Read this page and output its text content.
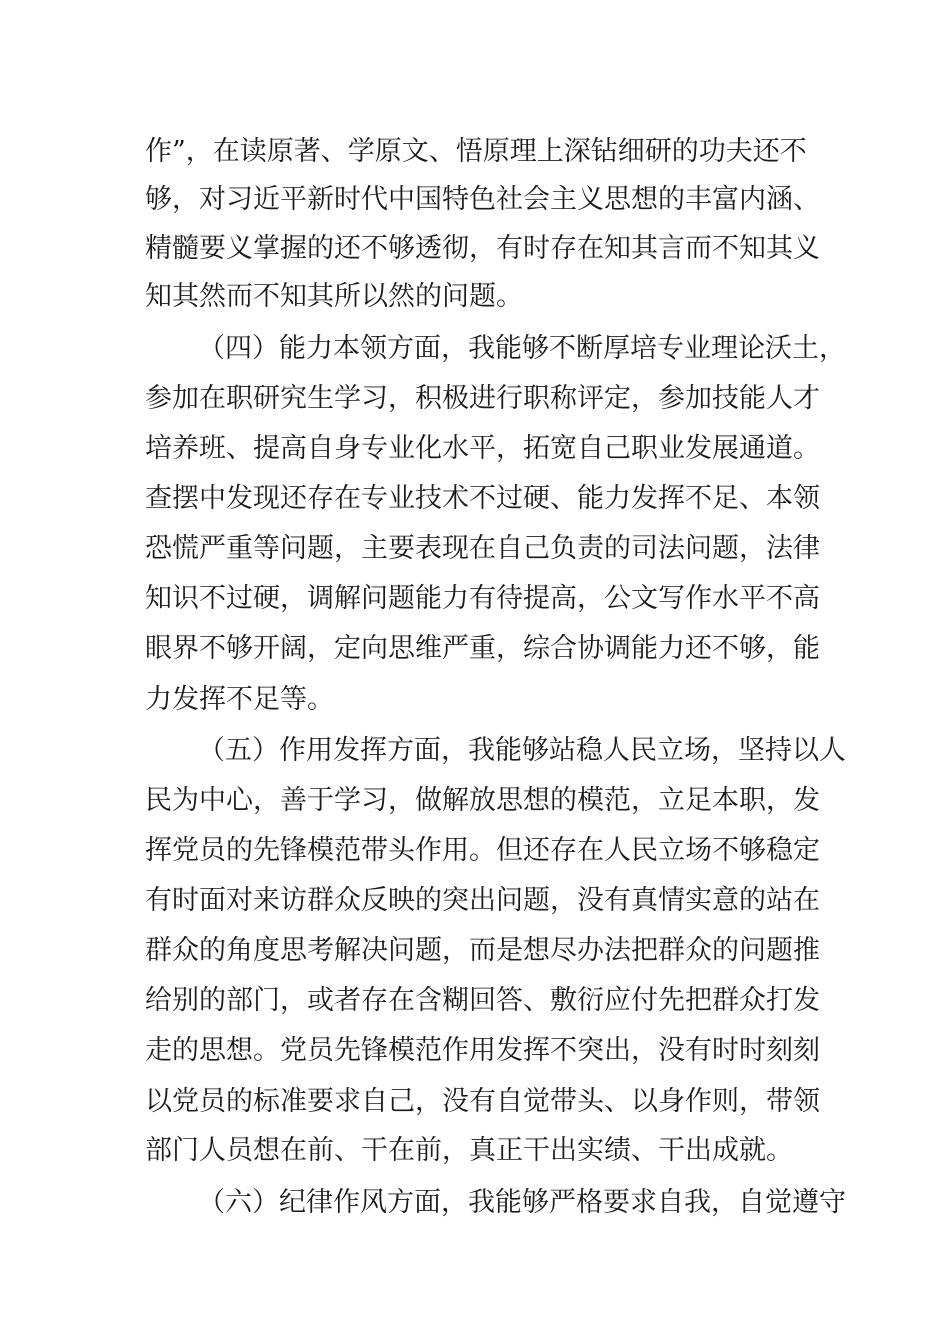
作”，在读原著、学原文、悟原理上深钻细研的功夫还不
够，对习近平新时代中国特色社会主义思想的丰富内涵、
精髓要义掌握的还不够透彻，有时存在知其言而不知其义
知其然而不知其所以然的问题。
（四）能力本领方面，我能够不断厚培专业理论沃土，
参加在职研究生学习，积极进行职称评定，参加技能人才
培养班、提高自身专业化水平，拓宽自己职业发展通道。
查摆中发现还存在专业技术不过硬、能力发挥不足、本领
恐慌严重等问题，主要表现在自己负责的司法问题，法律
知识不过硬，调解问题能力有待提高，公文写作水平不高
眼界不够开阔，定向思维严重，综合协调能力还不够，能
力发挥不足等。
（五）作用发挥方面，我能够站稳人民立场，坚持以人
民为中心，善于学习，做解放思想的模范，立足本职，发
挥党员的先锋模范带头作用。但还存在人民立场不够稳定
有时面对来访群众反映的突出问题，没有真情实意的站在
群众的角度思考解决问题，而是想尽办法把群众的问题推
给别的部门，或者存在含糊回答、敷衍应付先把群众打发
走的思想。党员先锋模范作用发挥不突出，没有时时刻刻
以党员的标准要求自己，没有自觉带头、以身作则，带领
部门人员想在前、干在前，真正干出实绩、干出成就。
（六）纪律作风方面，我能够严格要求自我，自觉遵守
